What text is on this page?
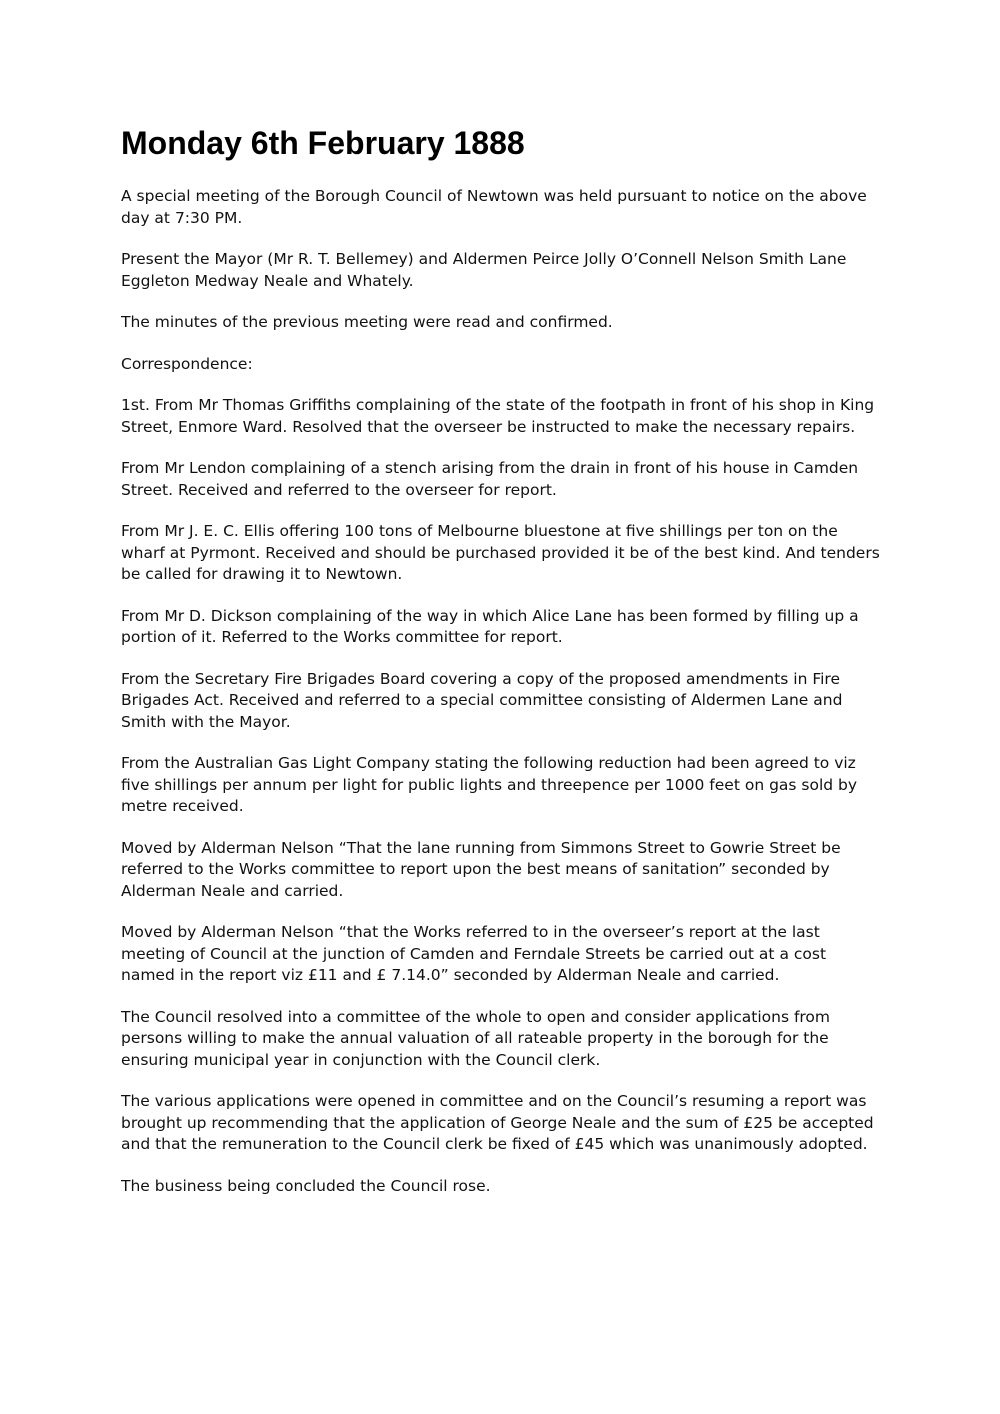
Monday 6th February 1888

A special meeting of the Borough Council of Newtown was held pursuant to notice on the above day at 7:30 PM.

Present the Mayor (Mr R. T. Bellemey) and Aldermen Peirce Jolly O’Connell Nelson Smith Lane Eggleton Medway Neale and Whately.

The minutes of the previous meeting were read and confirmed.

Correspondence:

1st. From Mr Thomas Griffiths complaining of the state of the footpath in front of his shop in King Street, Enmore Ward. Resolved that the overseer be instructed to make the necessary repairs.

From Mr Lendon complaining of a stench arising from the drain in front of his house in Camden Street. Received and referred to the overseer for report.

From Mr J. E. C. Ellis offering 100 tons of Melbourne bluestone at five shillings per ton on the wharf at Pyrmont. Received and should be purchased provided it be of the best kind. And tenders be called for drawing it to Newtown.

From Mr D. Dickson complaining of the way in which Alice Lane has been formed by filling up a portion of it. Referred to the Works committee for report.

From the Secretary Fire Brigades Board covering a copy of the proposed amendments in Fire Brigades Act. Received and referred to a special committee consisting of Aldermen Lane and Smith with the Mayor.

From the Australian Gas Light Company stating the following reduction had been agreed to viz five shillings per annum per light for public lights and threepence per 1000 feet on gas sold by metre received.

Moved by Alderman Nelson “That the lane running from Simmons Street to Gowrie Street be referred to the Works committee to report upon the best means of sanitation” seconded by Alderman Neale and carried.

Moved by Alderman Nelson “that the Works referred to in the overseer’s report at the last meeting of Council at the junction of Camden and Ferndale Streets be carried out at a cost named in the report viz £11 and £ 7.14.0” seconded by Alderman Neale and carried.

The Council resolved into a committee of the whole to open and consider applications from persons willing to make the annual valuation of all rateable property in the borough for the ensuring municipal year in conjunction with the Council clerk.

The various applications were opened in committee and on the Council’s resuming a report was brought up recommending that the application of George Neale and the sum of £25 be accepted and that the remuneration to the Council clerk be fixed of £45 which was unanimously adopted.

The business being concluded the Council rose.
